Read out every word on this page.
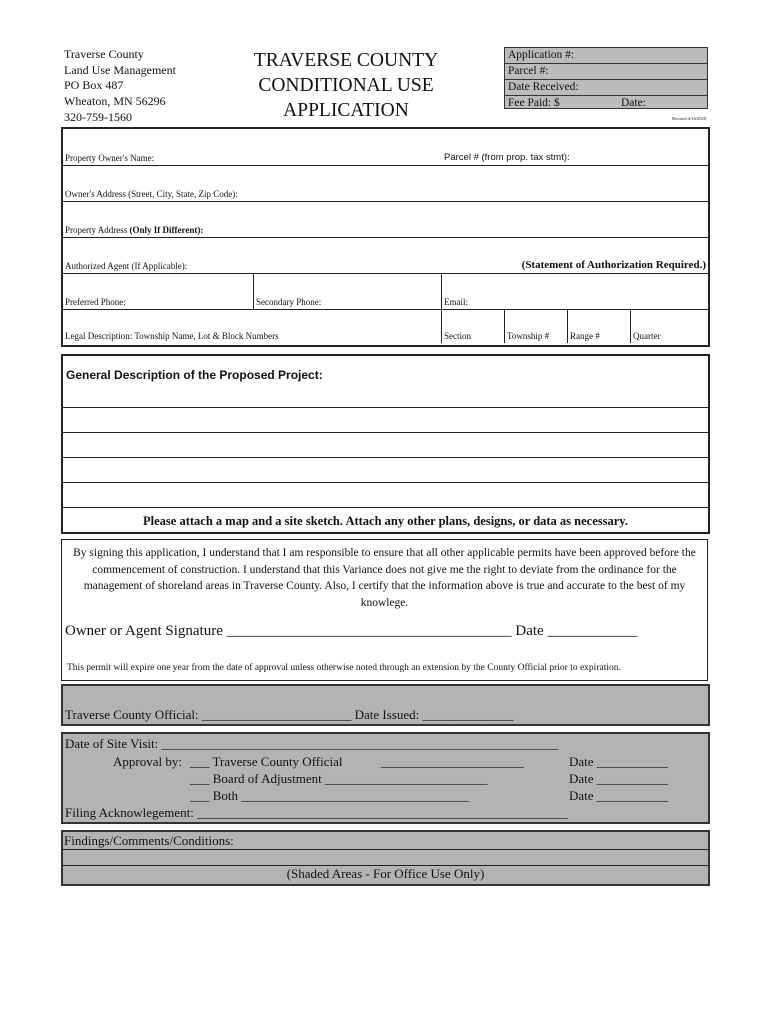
Traverse County
Land Use Management
PO Box 487
Wheaton, MN 56296
320-759-1560
TRAVERSE COUNTY
CONDITIONAL USE
APPLICATION
Application #:
Parcel #:
Date Received:
Fee Paid: $	Date:
Revised 4/16/2020
Property Owner's Name:	Parcel # (from prop. tax stmt):
Owner's Address (Street, City, State, Zip Code):
Property Address (Only If Different):
Authorized Agent (If Applicable):	(Statement of Authorization Required.)
Preferred Phone:	Secondary Phone:	Email:
Legal Description: Township Name, Lot & Block Numbers	Section	Township # Range #	Quarter
General Description of the Proposed Project:
Please attach a map and a site sketch. Attach any other plans, designs, or data as necessary.
By signing this application, I understand that I am responsible to ensure that all other applicable permits have been approved before the commencement of construction. I understand that this Variance does not give me the right to deviate from the ordinance for the management of shoreland areas in Traverse County. Also, I certify that the information above is true and accurate to the best of my knowlege.
Owner or Agent Signature ______________________________________ Date ____________
This permit will expire one year from the date of approval unless otherwise noted through an extension by the County Official prior to expiration.
Traverse County Official: _______________________ Date Issued: ______________
Date of Site Visit: _____________________________________________________________
Approval by: ___ Traverse County Official	______________________	Date ___________
___ Board of Adjustment _________________________	Date ___________
___ Both ___________________________________	Date ___________
Filing Acknowlegement: _________________________________________________________
Findings/Comments/Conditions:
(Shaded Areas - For Office Use Only)
